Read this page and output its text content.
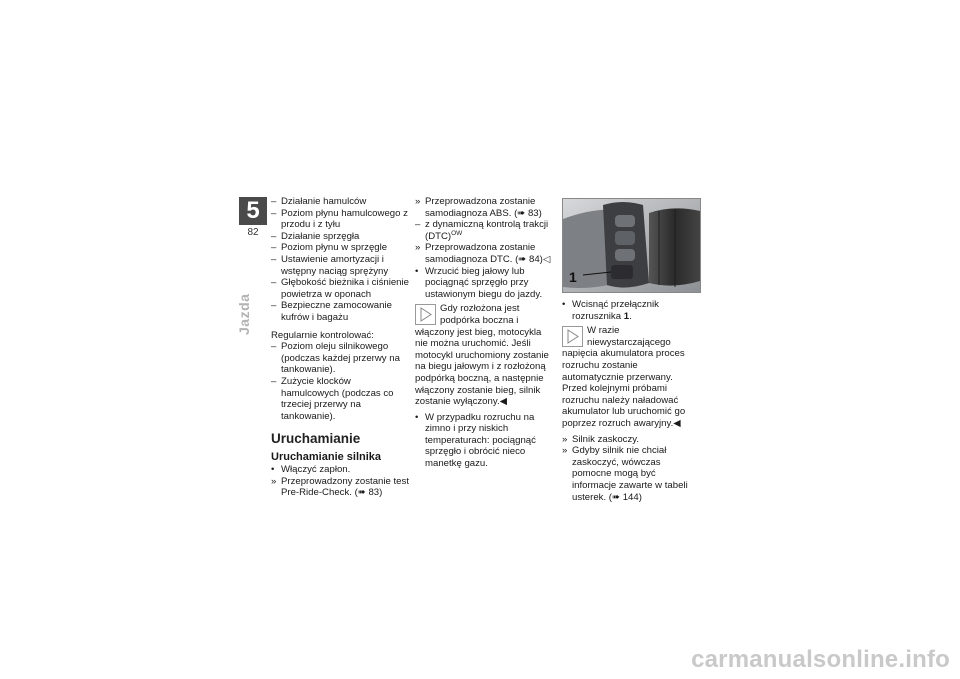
5
82
Jazda
– Działanie hamulców
– Poziom płynu hamulcowego z przodu i z tyłu
– Działanie sprzęgła
– Poziom płynu w sprzęgle
– Ustawienie amortyzacji i wstępny naciąg sprężyny
– Głębokość bieżnika i ciśnienie powietrza w oponach
– Bezpieczne zamocowanie kufrów i bagażu
Regularnie kontrolować:
– Poziom oleju silnikowego (podczas każdej przerwy na tankowanie).
– Zużycie klocków hamulcowych (podczas co trzeciej przerwy na tankowanie).
Uruchamianie
Uruchamianie silnika
• Włączyć zapłon.
» Przeprowadzony zostanie test Pre-Ride-Check. (➠ 83)
» Przeprowadzona zostanie samodiagnoza ABS. (➠ 83)
– z dynamiczną kontrolą trakcji (DTC)$^{OW}$
» Przeprowadzona zostanie samodiagnoza DTC. (➠ 84)◁
• Wrzucić bieg jałowy lub pociągnąć sprzęgło przy ustawionym biegu do jazdy.
Gdy rozłożona jest podpórka boczna i włączony jest bieg, motocykla nie można uruchomić. Jeśli motocykl uruchomiony zostanie na biegu jałowym i z rozłożoną podpórką boczną, a następnie włączony zostanie bieg, silnik zostanie wyłączony.◀
• W przypadku rozruchu na zimno i przy niskich temperaturach: pociągnąć sprzęgło i obrócić nieco manetkę gazu.
1
• Wcisnąć przełącznik rozrusznika 1.
W razie niewystarczającego napięcia akumulatora proces rozruchu zostanie automatycznie przerwany. Przed kolejnymi próbami rozruchu należy naładować akumulator lub uruchomić go poprzez rozruch awaryjny.◀
» Silnik zaskoczy.
» Gdyby silnik nie chciał zaskoczyć, wówczas pomocne mogą być informacje zawarte w tabeli usterek. (➠ 144)
carmanualsonline.info
